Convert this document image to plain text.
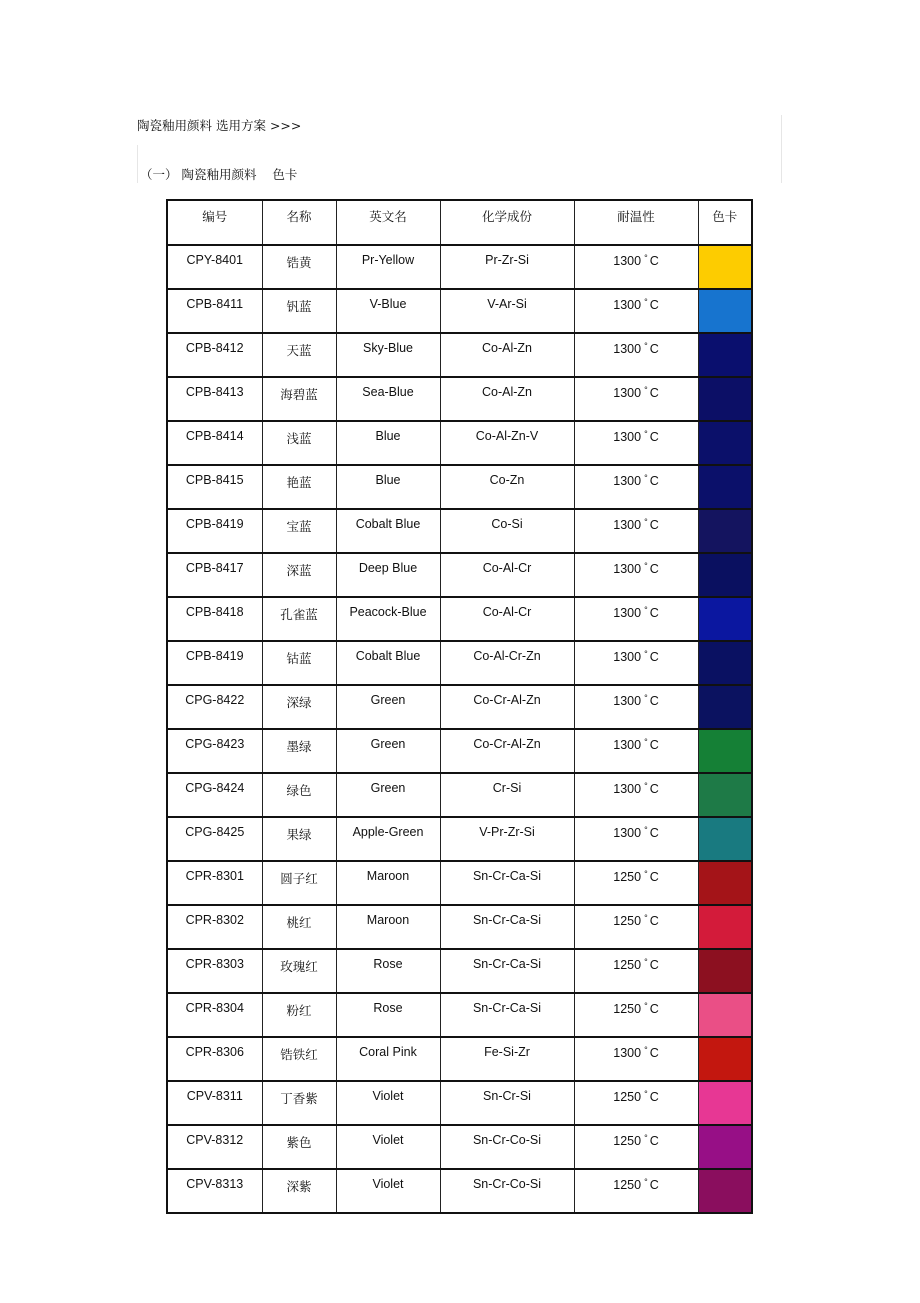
陶瓷釉用颜料 选用方案 >>>
（一） 陶瓷釉用颜料    色卡
编号	名称	英文名	化学成份	耐温性	色卡
CPY-8401	锆黄	Pr-Yellow	Pr-Zr-Si	1300 ° C	
CPB-8411	钒蓝	V-Blue	V-Ar-Si	1300 ° C	
CPB-8412	天蓝	Sky-Blue	Co-Al-Zn	1300 ° C	
CPB-8413	海碧蓝	Sea-Blue	Co-Al-Zn	1300 ° C	
CPB-8414	浅蓝	Blue	Co-Al-Zn-V	1300 ° C	
CPB-8415	艳蓝	Blue	Co-Zn	1300 ° C	
CPB-8419	宝蓝	Cobalt Blue	Co-Si	1300 ° C	
CPB-8417	深蓝	Deep Blue	Co-Al-Cr	1300 ° C	
CPB-8418	孔雀蓝	Peacock-Blue	Co-Al-Cr	1300 ° C	
CPB-8419	钴蓝	Cobalt Blue	Co-Al-Cr-Zn	1300 ° C	
CPG-8422	深绿	Green	Co-Cr-Al-Zn	1300 ° C	
CPG-8423	墨绿	Green	Co-Cr-Al-Zn	1300 ° C	
CPG-8424	绿色	Green	Cr-Si	1300 ° C	
CPG-8425	果绿	Apple-Green	V-Pr-Zr-Si	1300 ° C	
CPR-8301	圆子红	Maroon	Sn-Cr-Ca-Si	1250 ° C	
CPR-8302	桃红	Maroon	Sn-Cr-Ca-Si	1250 ° C	
CPR-8303	玫瑰红	Rose	Sn-Cr-Ca-Si	1250 ° C	
CPR-8304	粉红	Rose	Sn-Cr-Ca-Si	1250 ° C	
CPR-8306	锆铁红	Coral Pink	Fe-Si-Zr	1300 ° C	
CPV-8311	丁香紫	Violet	Sn-Cr-Si	1250 ° C	
CPV-8312	紫色	Violet	Sn-Cr-Co-Si	1250 ° C	
CPV-8313	深紫	Violet	Sn-Cr-Co-Si	1250 ° C	
